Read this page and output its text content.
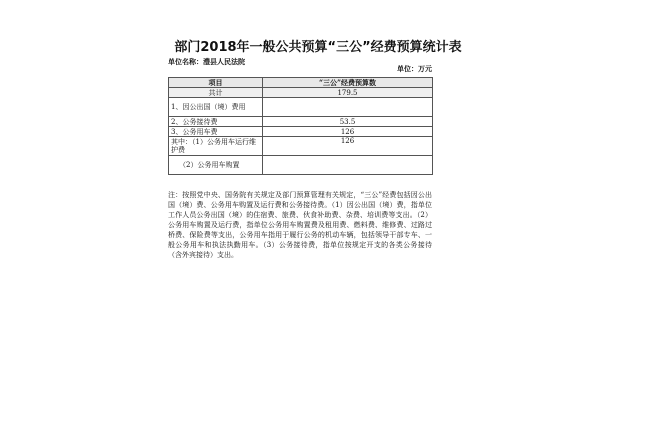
部门2018年一般公共预算“三公”经费预算统计表
单位名称：澧县人民法院
单位：万元
项目	“三公”经费预算数
共计	179.5
1、因公出国（境）费用	
2、公务接待费	53.5
3、公务用车费	126
其中：（1）公务用车运行维护费	126
（2）公务用车购置	
注：按照党中央、国务院有关规定及部门预算管理有关规定，“三公”经费包括因公出国（境）费、公务用车购置及运行费和公务接待费。（1）因公出国（境）费，指单位工作人员公务出国（境）的住宿费、旅费、伙食补助费、杂费、培训费等支出。（2）公务用车购置及运行费，指单位公务用车购置费及租用费、燃料费、维修费、过路过桥费、保险费等支出，公务用车指用于履行公务的机动车辆，包括领导干部专车、一般公务用车和执法执勤用车。（3）公务接待费，指单位按规定开支的各类公务接待（含外宾接待）支出。
